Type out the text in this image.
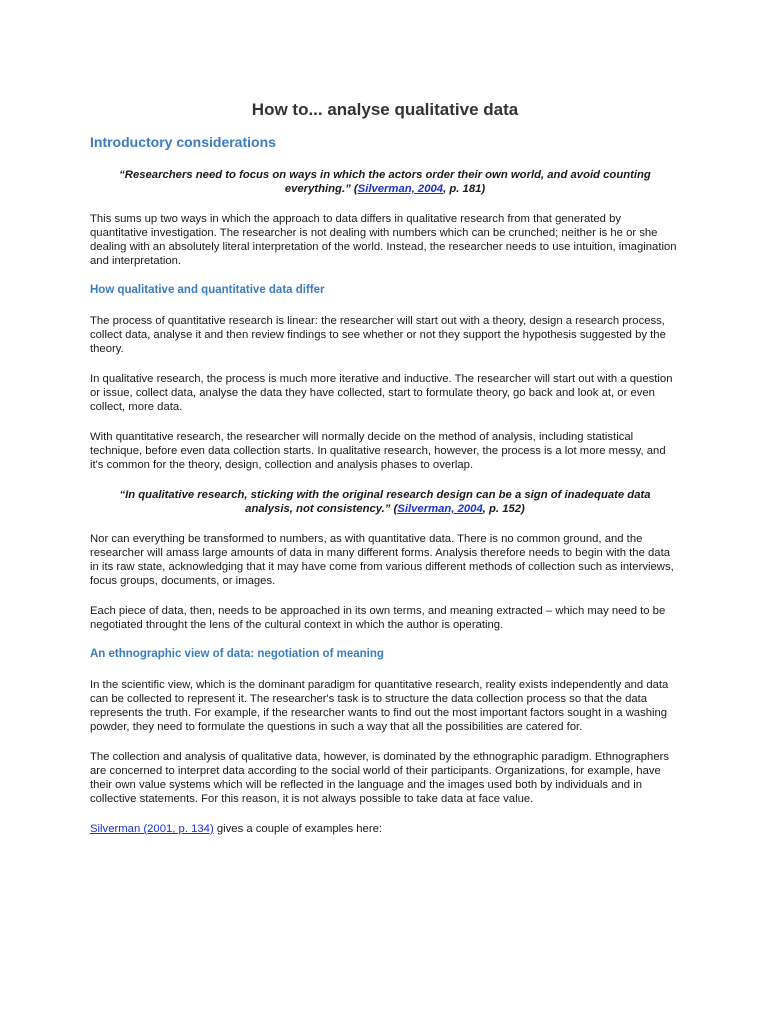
How to... analyse qualitative data
Introductory considerations

“Researchers need to focus on ways in which the actors order their own world, and avoid counting everything.” (Silverman, 2004, p. 181)

This sums up two ways in which the approach to data differs in qualitative research from that generated by quantitative investigation. The researcher is not dealing with numbers which can be crunched; neither is he or she dealing with an absolutely literal interpretation of the world. Instead, the researcher needs to use intuition, imagination and interpretation.

How qualitative and quantitative data differ

The process of quantitative research is linear: the researcher will start out with a theory, design a research process, collect data, analyse it and then review findings to see whether or not they support the hypothesis suggested by the theory.

In qualitative research, the process is much more iterative and inductive. The researcher will start out with a question or issue, collect data, analyse the data they have collected, start to formulate theory, go back and look at, or even collect, more data.

With quantitative research, the researcher will normally decide on the method of analysis, including statistical technique, before even data collection starts. In qualitative research, however, the process is a lot more messy, and it's common for the theory, design, collection and analysis phases to overlap.

“In qualitative research, sticking with the original research design can be a sign of inadequate data analysis, not consistency.” (Silverman, 2004, p. 152)

Nor can everything be transformed to numbers, as with quantitative data. There is no common ground, and the researcher will amass large amounts of data in many different forms. Analysis therefore needs to begin with the data in its raw state, acknowledging that it may have come from various different methods of collection such as interviews, focus groups, documents, or images.

Each piece of data, then, needs to be approached in its own terms, and meaning extracted – which may need to be negotiated throught the lens of the cultural context in which the author is operating.

An ethnographic view of data: negotiation of meaning

In the scientific view, which is the dominant paradigm for quantitative research, reality exists independently and data can be collected to represent it. The researcher's task is to structure the data collection process so that the data represents the truth. For example, if the researcher wants to find out the most important factors sought in a washing powder, they need to formulate the questions in such a way that all the possibilities are catered for.

The collection and analysis of qualitative data, however, is dominated by the ethnographic paradigm. Ethnographers are concerned to interpret data according to the social world of their participants. Organizations, for example, have their own value systems which will be reflected in the language and the images used both by individuals and in collective statements. For this reason, it is not always possible to take data at face value.

Silverman (2001, p. 134) gives a couple of examples here:
